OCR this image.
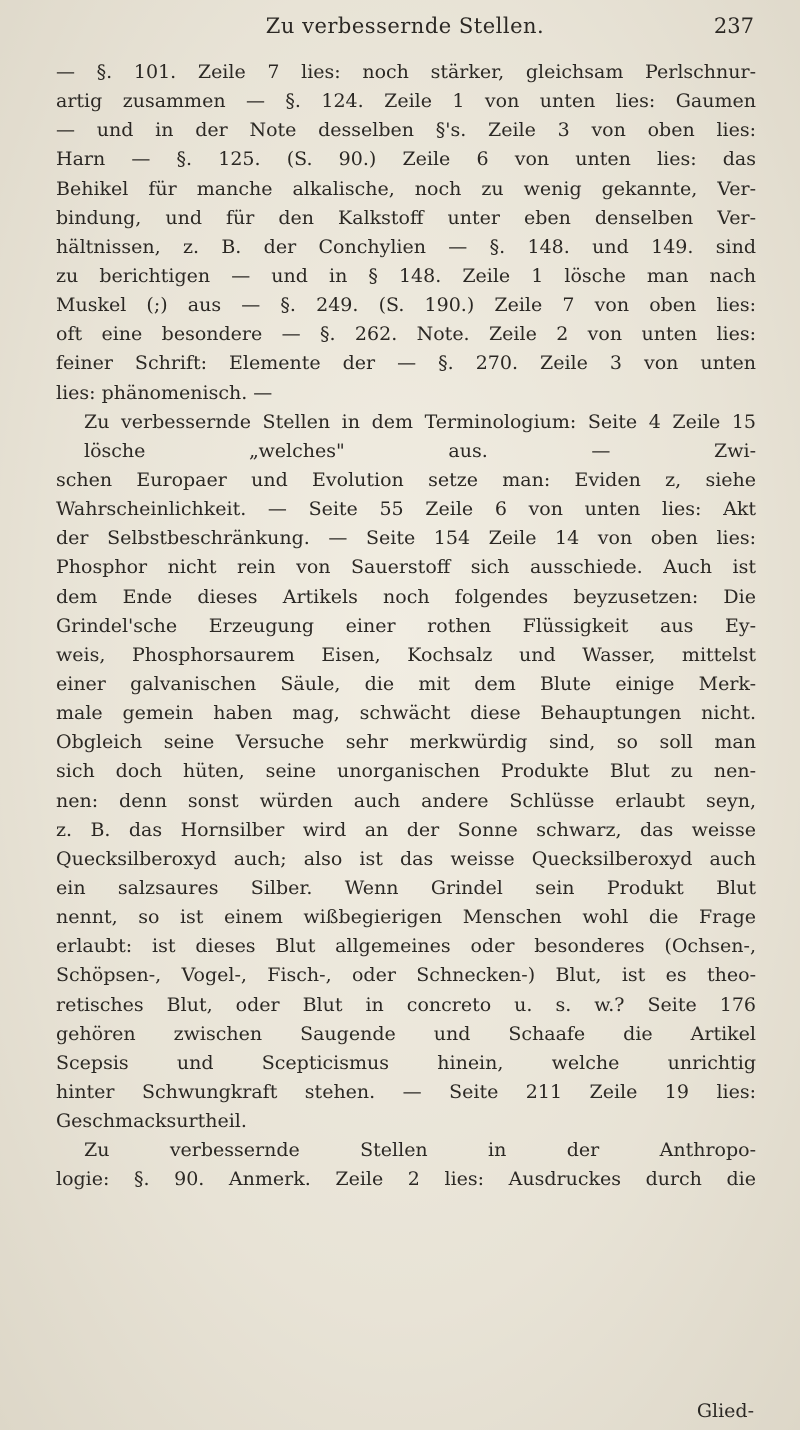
Zu verbessernde Stellen.	237
— §. 101. Zeile 7 lies: noch stärker, gleichsam Perlschnur-
artig zusammen — §. 124. Zeile 1 von unten lies: Gaumen
— und in der Note desselben §'s. Zeile 3 von oben lies:
Harn — §. 125. (S. 90.) Zeile 6 von unten lies: das
Behikel für manche alkalische, noch zu wenig gekannte, Ver-
bindung, und für den Kalkstoff unter eben denselben Ver-
hältnissen, z. B. der Conchylien — §. 148. und 149. sind
zu berichtigen — und in § 148. Zeile 1 lösche man nach
Muskel (;) aus — §. 249. (S. 190.) Zeile 7 von oben lies:
oft eine besondere — §. 262. Note. Zeile 2 von unten lies:
feiner Schrift: Elemente der — §. 270. Zeile 3 von unten
lies: phänomenisch. —
Zu verbessernde Stellen in dem Terminologium: Seite 4 Zeile 15 lösche „welches" aus. — Zwi-
schen Europaer und Evolution setze man: Eviden z, siehe
Wahrscheinlichkeit. — Seite 55 Zeile 6 von unten lies: Akt
der Selbstbeschränkung. — Seite 154 Zeile 14 von oben lies:
Phosphor nicht rein von Sauerstoff sich ausschiede. Auch ist
dem Ende dieses Artikels noch folgendes beyzusetzen: Die
Grindel'sche Erzeugung einer rothen Flüssigkeit aus Ey-
weis, Phosphorsaurem Eisen, Kochsalz und Wasser, mittelst
einer galvanischen Säule, die mit dem Blute einige Merk-
male gemein haben mag, schwächt diese Behauptungen nicht.
Obgleich seine Versuche sehr merkwürdig sind, so soll man
sich doch hüten, seine unorganischen Produkte Blut zu nen-
nen: denn sonst würden auch andere Schlüsse erlaubt seyn,
z. B. das Hornsilber wird an der Sonne schwarz, das weisse
Quecksilberoxyd auch; also ist das weisse Quecksilberoxyd auch
ein salzsaures Silber. Wenn Grindel sein Produkt Blut
nennt, so ist einem wißbegierigen Menschen wohl die Frage
erlaubt: ist dieses Blut allgemeines oder besonderes (Ochsen-,
Schöpsen-, Vogel-, Fisch-, oder Schnecken-) Blut, ist es theo-
retisches Blut, oder Blut in concreto u. s. w.? Seite 176
gehören zwischen Saugende und Schaafe die Artikel
Scepsis und Scepticismus hinein, welche unrichtig
hinter Schwungkraft stehen. — Seite 211 Zeile 19 lies:
Geschmacksurtheil.
Zu verbessernde Stellen in der Anthropo-
logie: §. 90. Anmerk. Zeile 2 lies: Ausdruckes durch die
Glied-
